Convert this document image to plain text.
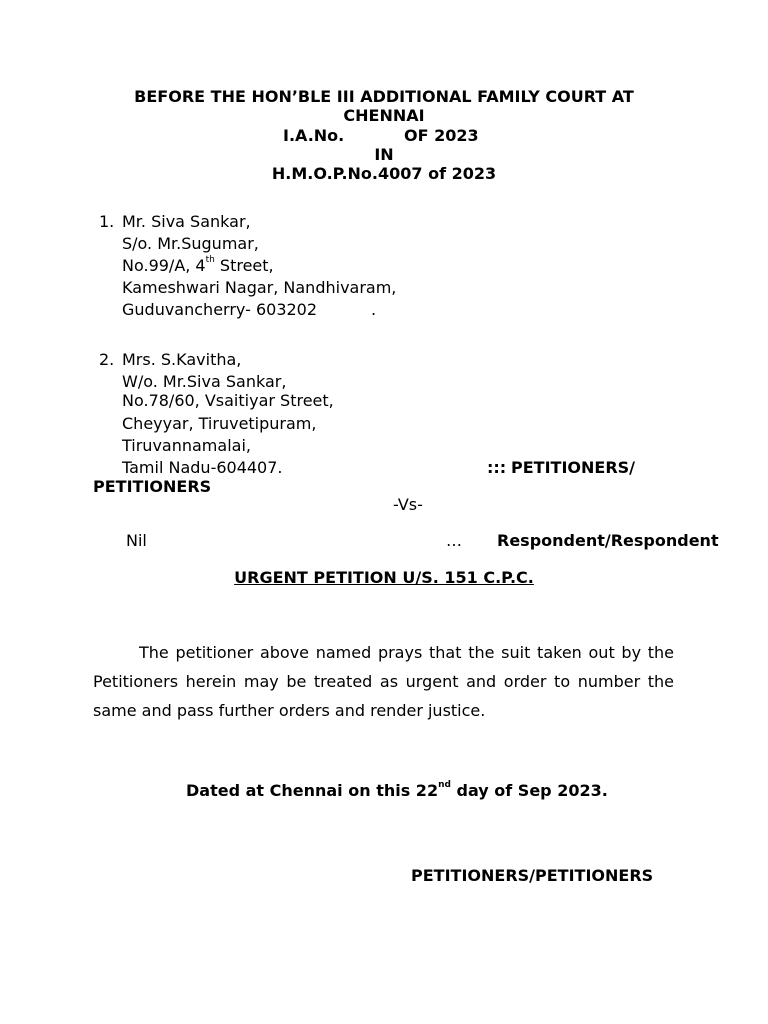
BEFORE THE HON’BLE III ADDITIONAL FAMILY COURT AT
CHENNAI
I.A.No.	OF 2023
IN
H.M.O.P.No.4007 of 2023
1. Mr. Siva Sankar,
S/o. Mr.Sugumar,
No.99/A, 4th Street,
Kameshwari Nagar, Nandhivaram,
Guduvancherry- 603202	.
2. Mrs. S.Kavitha,
W/o. Mr.Siva Sankar,
No.78/60, Vsaitiyar Street,
Cheyyar, Tiruvetipuram,
Tiruvannamalai,
Tamil Nadu-604407.	::: PETITIONERS/
PETITIONERS
-Vs-
Nil	… Respondent/Respondent
URGENT PETITION U/S. 151 C.P.C.
The petitioner above named prays that the suit taken out by the Petitioners herein may be treated as urgent and order to number the same and pass further orders and render justice.
Dated at Chennai on this 22nd day of Sep 2023.
PETITIONERS/PETITIONERS
